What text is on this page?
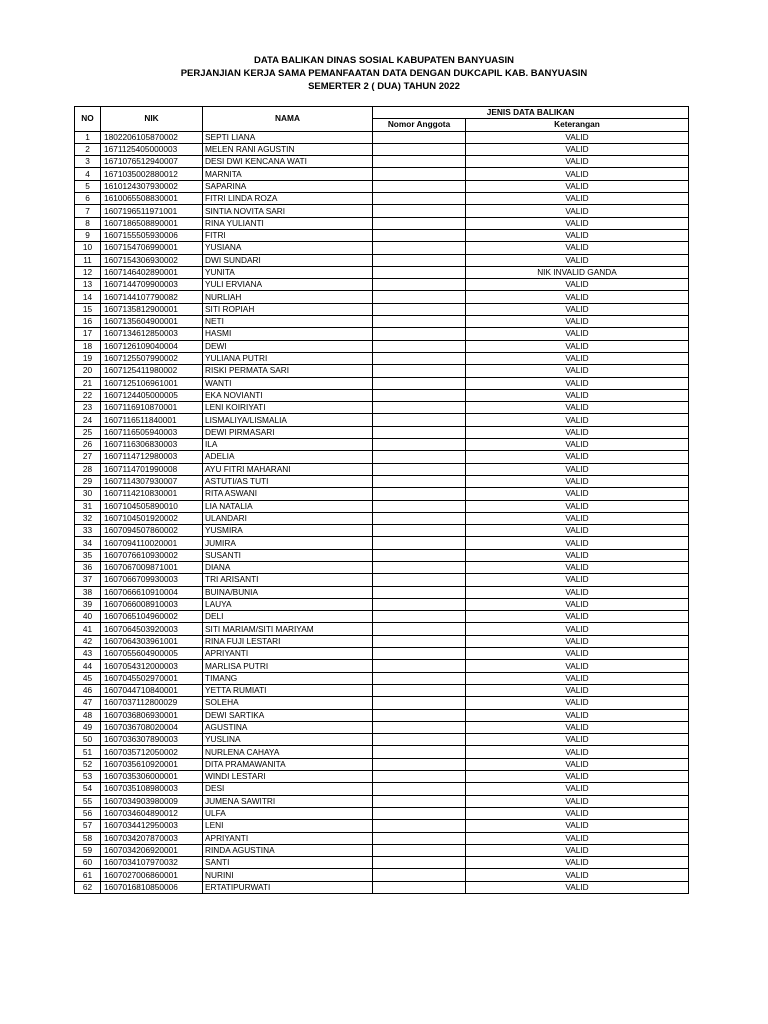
DATA BALIKAN DINAS SOSIAL KABUPATEN BANYUASIN
PERJANJIAN KERJA SAMA PEMANFAATAN DATA DENGAN DUKCAPIL KAB. BANYUASIN
SEMERTER 2 ( DUA) TAHUN 2022
NO	NIK	NAMA	JENIS DATA BALIKAN	
			Nomor Anggota	Keterangan
1	1802206105870002	SEPTI LIANA		VALID
2	1671125405000003	MELEN RANI AGUSTIN		VALID
3	1671076512940007	DESI DWI KENCANA WATI		VALID
4	1671035002880012	MARNITA		VALID
5	1610124307930002	SAPARINA		VALID
6	1610065508830001	FITRI LINDA ROZA		VALID
7	1607196511971001	SINTIA NOVITA SARI		VALID
8	1607186508890001	RINA YULIANTI		VALID
9	1607155505930006	FITRI		VALID
10	1607154706990001	YUSIANA		VALID
11	1607154306930002	DWI SUNDARI		VALID
12	1607146402890001	YUNITA		NIK INVALID GANDA
13	1607144709900003	YULI ERVIANA		VALID
14	1607144107790082	NURLIAH		VALID
15	1607135812900001	SITI ROPIAH		VALID
16	1607135604900001	NETI		VALID
17	1607134612850003	HASMI		VALID
18	1607126109040004	DEWI		VALID
19	1607125507990002	YULIANA PUTRI		VALID
20	1607125411980002	RISKI PERMATA SARI		VALID
21	1607125106961001	WANTI		VALID
22	1607124405000005	EKA NOVIANTI		VALID
23	1607116910870001	LENI KOIRIYATI		VALID
24	1607116511840001	LISMALIYA/LISMALIA		VALID
25	1607116505940003	DEWI PIRMASARI		VALID
26	1607116306830003	ILA		VALID
27	1607114712980003	ADELIA		VALID
28	1607114701990008	AYU FITRI MAHARANI		VALID
29	1607114307930007	ASTUTI/AS TUTI		VALID
30	1607114210830001	RITA ASWANI		VALID
31	1607104505890010	LIA NATALIA		VALID
32	1607104501920002	ULANDARI		VALID
33	1607094507860002	YUSMIRA		VALID
34	1607094110020001	JUMIRA		VALID
35	1607076610930002	SUSANTI		VALID
36	1607067009871001	DIANA		VALID
37	1607066709930003	TRI ARISANTI		VALID
38	1607066610910004	BUINA/BUNIA		VALID
39	1607066008910003	LAUYA		VALID
40	1607065104960002	DELI		VALID
41	1607064503920003	SITI MARIAM/SITI MARIYAM		VALID
42	1607064303961001	RINA FUJI LESTARI		VALID
43	1607055604900005	APRIYANTI		VALID
44	1607054312000003	MARLISA PUTRI		VALID
45	1607045502970001	TIMANG		VALID
46	1607044710840001	YETTA RUMIATI		VALID
47	1607037112800029	SOLEHA		VALID
48	1607036806930001	DEWI SARTIKA		VALID
49	1607036708020004	AGUSTINA		VALID
50	1607036307890003	YUSLINA		VALID
51	1607035712050002	NURLENA CAHAYA		VALID
52	1607035610920001	DITA PRAMAWANITA		VALID
53	1607035306000001	WINDI LESTARI		VALID
54	1607035108980003	DESI		VALID
55	1607034903980009	JUMENA SAWITRI		VALID
56	1607034604890012	ULFA		VALID
57	1607034412950003	LENI		VALID
58	1607034207870003	APRIYANTI		VALID
59	1607034206920001	RINDA AGUSTINA		VALID
60	1607034107970032	SANTI		VALID
61	1607027006860001	NURINI		VALID
62	1607016810850006	ERTATIPURWATI		VALID
